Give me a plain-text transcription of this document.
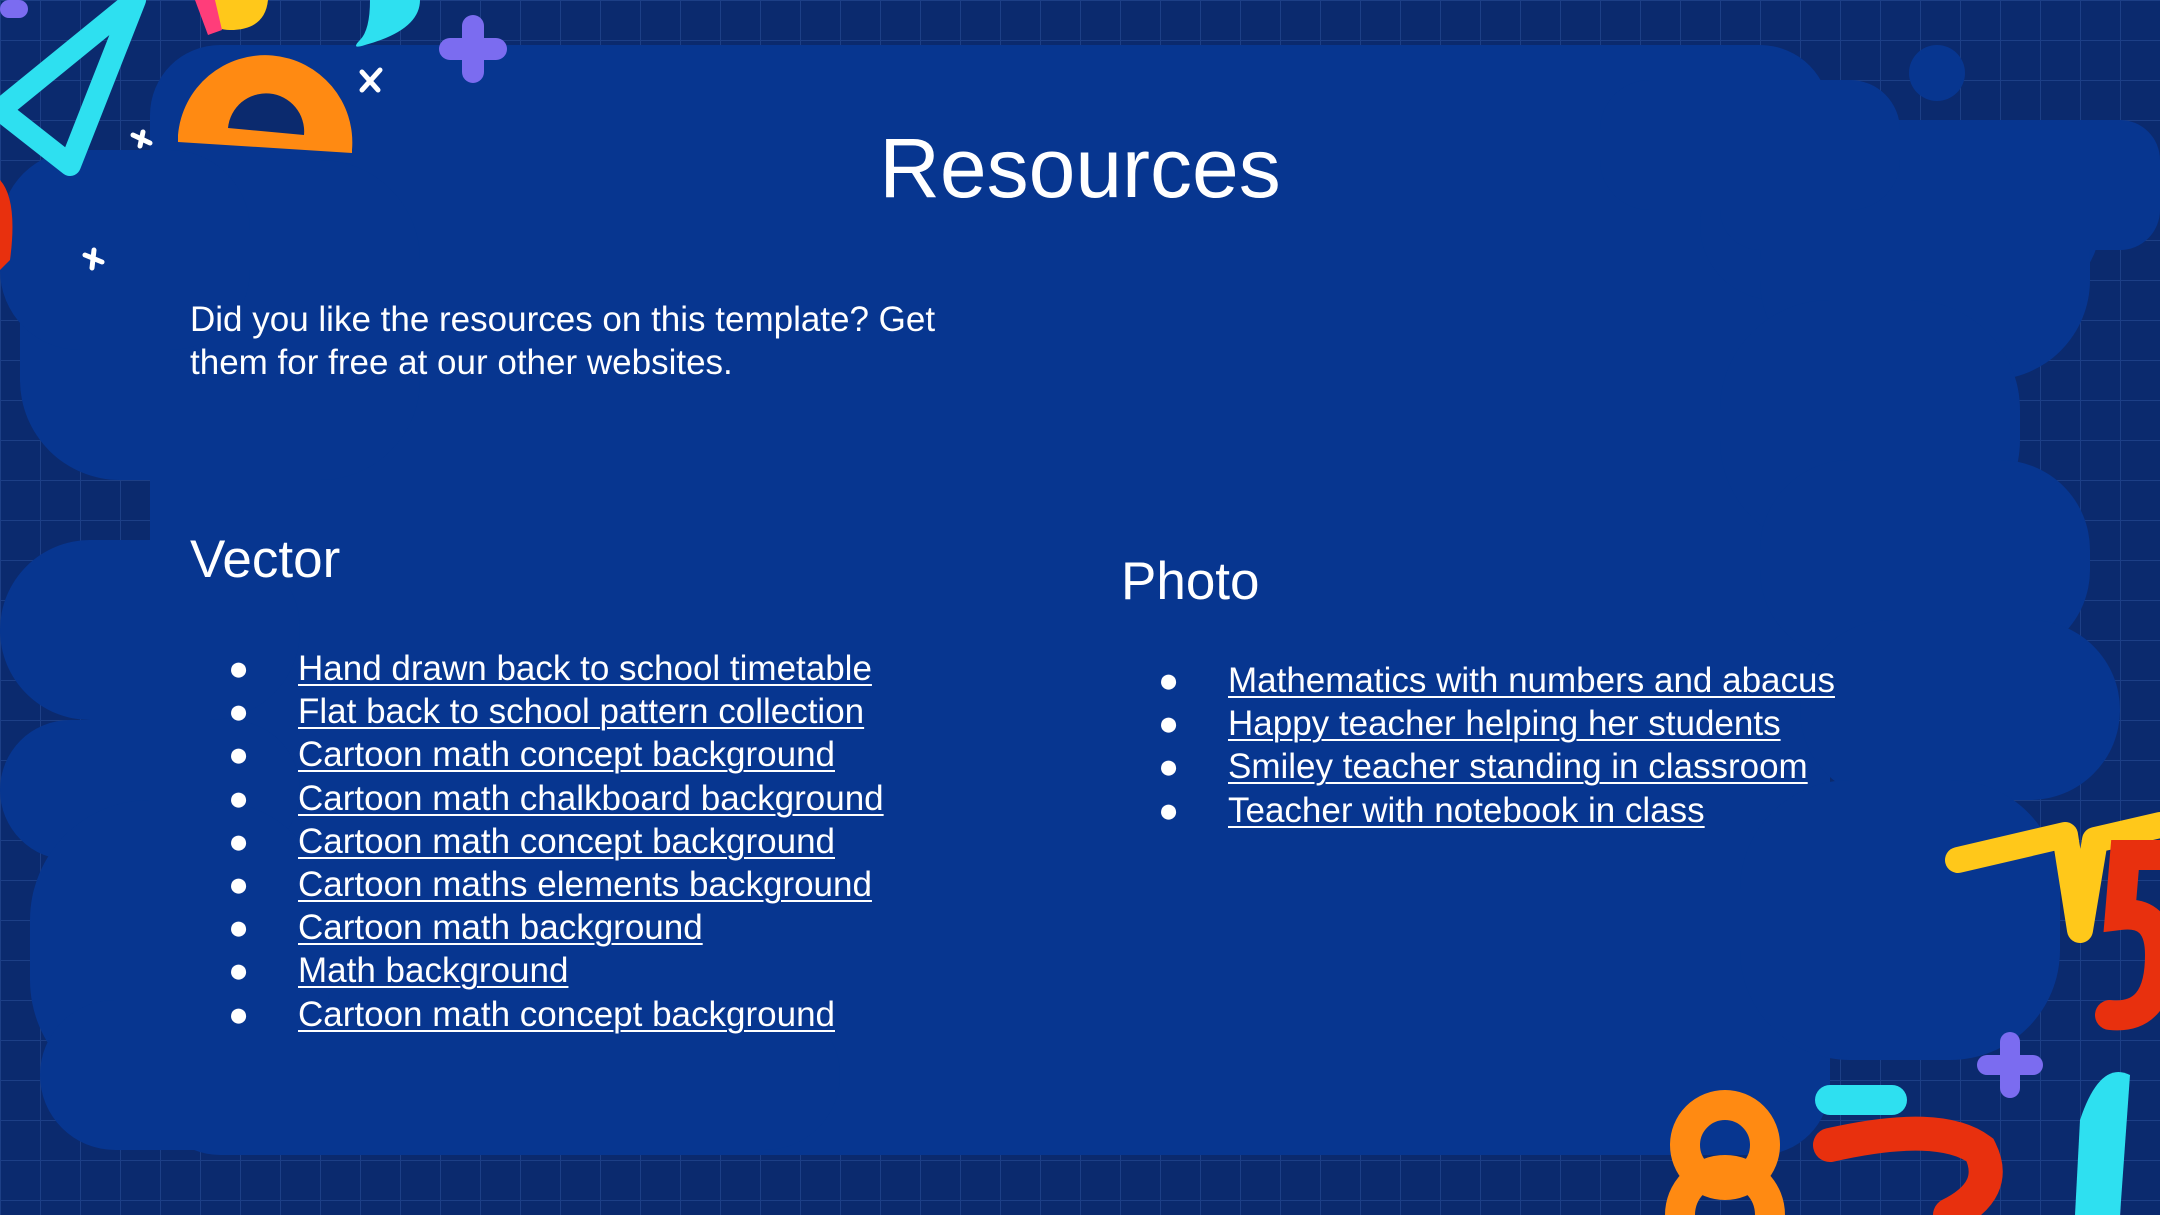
Resources
Did you like the resources on this template? Get them for free at our other websites.
Vector
● Hand drawn back to school timetable
● Flat back to school pattern collection
● Cartoon math concept background
● Cartoon math chalkboard background
● Cartoon math concept background
● Cartoon maths elements background
● Cartoon math background
● Math background
● Cartoon math concept background
Photo
● Mathematics with numbers and abacus
● Happy teacher helping her students
● Smiley teacher standing in classroom
● Teacher with notebook in class
